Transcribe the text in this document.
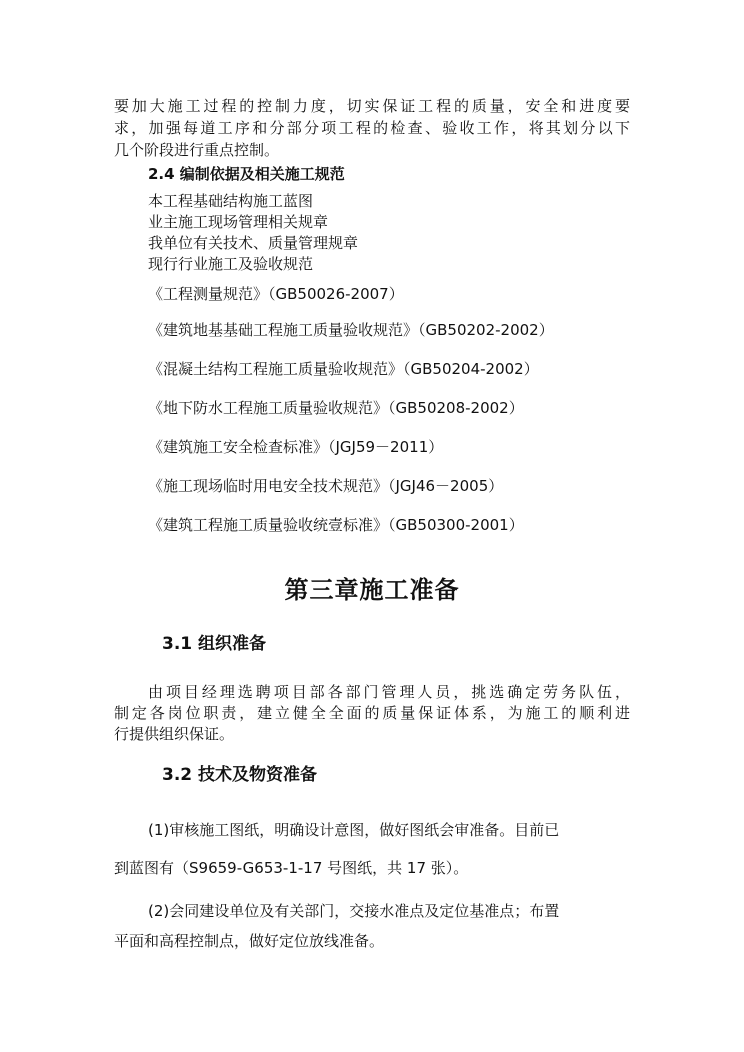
要加大施工过程的控制力度，切实保证工程的质量，安全和进度要
求，加强每道工序和分部分项工程的检查、验收工作，将其划分以下
几个阶段进行重点控制。
2.4 编制依据及相关施工规范
本工程基础结构施工蓝图
业主施工现场管理相关规章
我单位有关技术、质量管理规章
现行行业施工及验收规范
《工程测量规范》（GB50026-2007）
《建筑地基基础工程施工质量验收规范》（GB50202-2002）
《混凝土结构工程施工质量验收规范》（GB50204-2002）
《地下防水工程施工质量验收规范》（GB50208-2002）
《建筑施工安全检查标准》（JGJ59－2011）
《施工现场临时用电安全技术规范》（JGJ46－2005）
《建筑工程施工质量验收统壹标准》（GB50300-2001）
第三章施工准备
3.1 组织准备
由项目经理选聘项目部各部门管理人员，挑选确定劳务队伍，
制定各岗位职责，建立健全全面的质量保证体系，为施工的顺利进
行提供组织保证。
3.2 技术及物资准备
(1)审核施工图纸，明确设计意图，做好图纸会审准备。目前已
到蓝图有（S9659-G653-1-17 号图纸，共 17 张）。
(2)会同建设单位及有关部门，交接水准点及定位基准点；布置
平面和高程控制点，做好定位放线准备。
